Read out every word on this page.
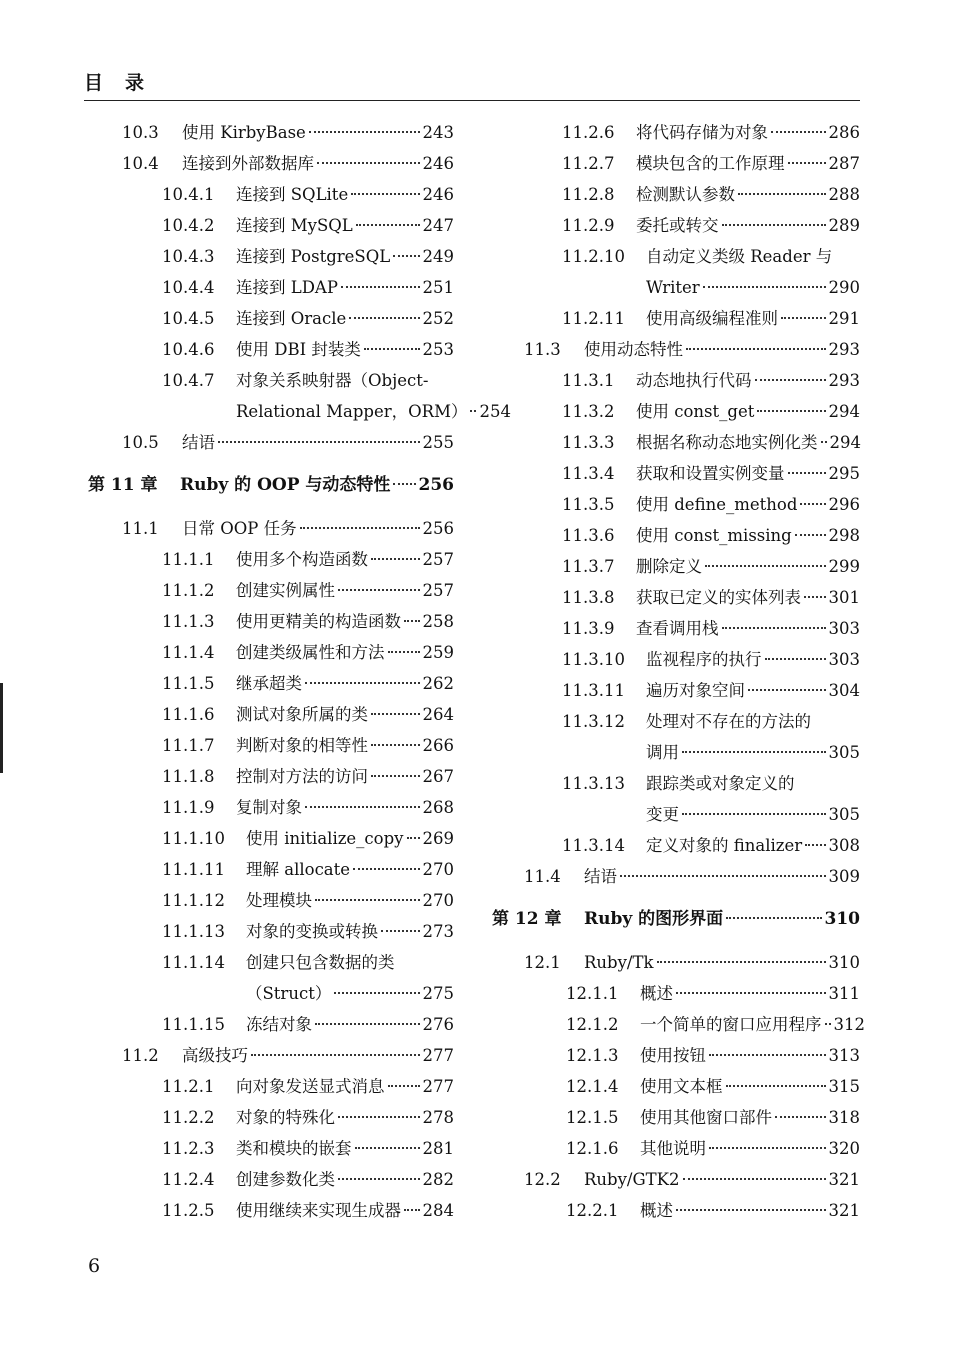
目录
10.3	使用 KirbyBase	243
10.4	连接到外部数据库	246
10.4.1	连接到 SQLite	246
10.4.2	连接到 MySQL	247
10.4.3	连接到 PostgreSQL 249
10.4.4	连接到 LDAP	251
10.4.5	连接到 Oracle	252
10.4.6	使用 DBI 封装类	253
10.4.7	对象关系映射器（Object-
Relational Mapper，ORM） 254
10.5	结语	255
第 11 章	Ruby 的 OOP 与动态特性 256
11.1	日常 OOP 任务	256
11.1.1	使用多个构造函数	257
11.1.2	创建实例属性	257
11.1.3	使用更精美的构造函数 258
11.1.4	创建类级属性和方法 259
11.1.5	继承超类	262
11.1.6	测试对象所属的类	264
11.1.7	判断对象的相等性	266
11.1.8	控制对方法的访问	267
11.1.9	复制对象	268
11.1.10	使用 initialize_copy 269
11.1.11	理解 allocate	270
11.1.12	处理模块	270
11.1.13	对象的变换或转换	273
11.1.14	创建只包含数据的类
（Struct）	275
11.1.15	冻结对象	276
11.2	高级技巧	277
11.2.1	向对象发送显式消息 277
11.2.2	对象的特殊化	278
11.2.3	类和模块的嵌套	281
11.2.4	创建参数化类	282
11.2.5	使用继续来实现生成器 284
11.2.6	将代码存储为对象	286
11.2.7	模块包含的工作原理	287
11.2.8	检测默认参数	288
11.2.9	委托或转交	289
11.2.10	自动定义类级 Reader 与
Writer	290
11.2.11	使用高级编程准则	291
11.3	使用动态特性	293
11.3.1	动态地执行代码	293
11.3.2	使用 const_get	294
11.3.3	根据名称动态地实例化类 294
11.3.4	获取和设置实例变量	295
11.3.5	使用 define_method 296
11.3.6	使用 const_missing 298
11.3.7	删除定义	299
11.3.8	获取已定义的实体列表 301
11.3.9	查看调用栈	303
11.3.10	监视程序的执行	303
11.3.11	遍历对象空间	304
11.3.12	处理对不存在的方法的
调用	305
11.3.13	跟踪类或对象定义的
变更	305
11.3.14	定义对象的 finalizer 308
11.4	结语	309
第 12 章	Ruby 的图形界面	310
12.1	Ruby/Tk	310
12.1.1	概述	311
12.1.2	一个简单的窗口应用程序 312
12.1.3	使用按钮	313
12.1.4	使用文本框	315
12.1.5	使用其他窗口部件	318
12.1.6	其他说明	320
12.2	Ruby/GTK2	321
12.2.1	概述	321
6
